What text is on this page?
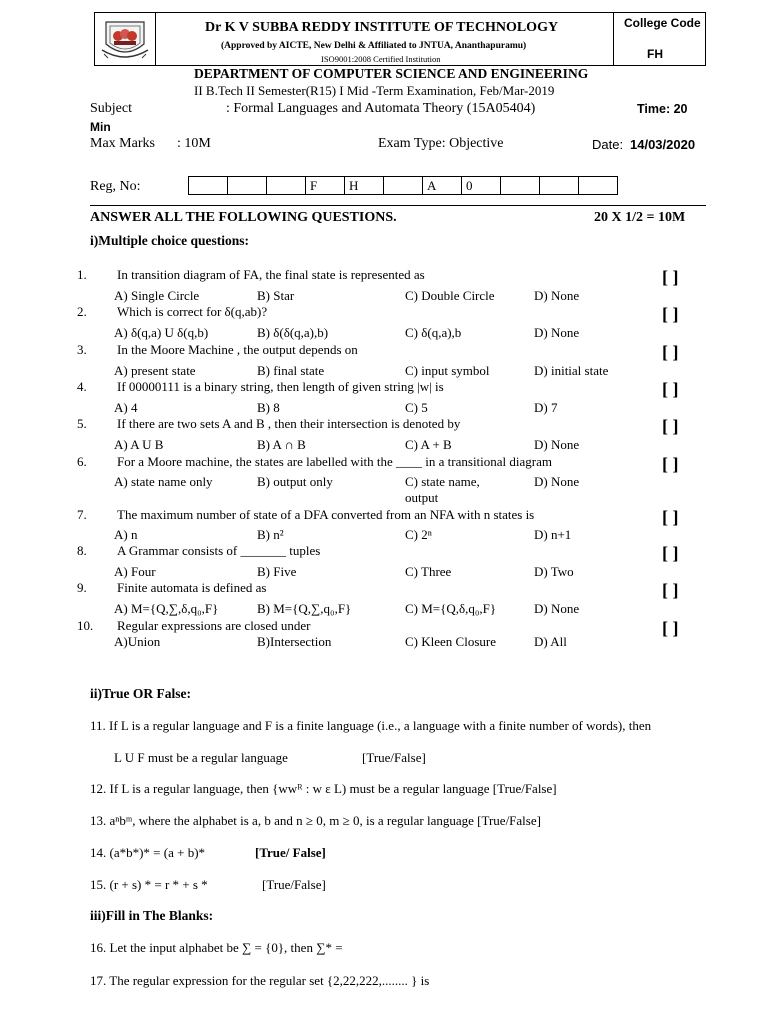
Dr K V SUBBA REDDY INSTITUTE OF TECHNOLOGY
(Approved by AICTE, New Delhi & Affiliated to JNTUA, Ananthapuramu)
ISO9001:2008 Certified Institution
College Code
FH
DEPARTMENT OF COMPUTER SCIENCE AND ENGINEERING
II B.Tech II Semester(R15) I Mid -Term Examination, Feb/Mar-2019
Subject	: Formal Languages and Automata Theory (15A05404)	Time: 20
Min
Max Marks : 10M	Exam Type: Objective	Date: 14/03/2020
Reg, No:
				F	H		A	0			
ANSWER ALL THE FOLLOWING QUESTIONS.	20 X 1/2 = 10M
i)Multiple choice questions:
1. In transition diagram of FA, the final state is represented as	[ ]
A) Single Circle	B) Star	C) Double Circle	D) None
2. Which is correct for δ(q,ab)?	[ ]
A) δ(q,a) U δ(q,b)	B) δ(δ(q,a),b)	C) δ(q,a),b	D) None
3. In the Moore Machine , the output depends on	[ ]
A) present state	B) final state	C) input symbol	D) initial state
4. If 00000111 is a binary string, then length of given string |w| is	[ ]
A) 4	B) 8	C) 5	D) 7
5. If there are two sets A and B , then their intersection is denoted by	[ ]
A) A U B	B) A ∩ B	C) A + B	D) None
6. For a Moore machine, the states are labelled with the ____ in a transitional diagram	[ ]
A) state name only	B) output only	C) state name,
output
D) None
7. The maximum number of state of a DFA converted from an NFA with n states is	[ ]
A) n	B) n²	C) 2ⁿ	D) n+1
8. A Grammar consists of _______ tuples	[ ]
A) Four	B) Five	C) Three	D) Two
9. Finite automata is defined as	[ ]
A) M={Q,∑,δ,q₀,F}	B) M={Q,∑,q₀,F}	C) M={Q,δ,q₀,F}	D) None
10. Regular expressions are closed under	[ ]
A)Union	B)Intersection	C) Kleen Closure	D) All
ii)True OR False:
11. If L is a regular language and F is a finite language (i.e., a language with a finite number of words), then
L U F must be a regular language	[True/False]
12. If L is a regular language, then {wwᴿ : w ε L) must be a regular language [True/False]
13. aⁿbᵐ, where the alphabet is a, b and n ≥ 0, m ≥ 0, is a regular language [True/False]
14. (a*b*)* = (a + b)*	[True/ False]
15. (r + s) * = r * + s *	[True/False]
iii)Fill in The Blanks:
16. Let the input alphabet be ∑ = {0}, then ∑* =
17. The regular expression for the regular set {2,22,222,........ } is
